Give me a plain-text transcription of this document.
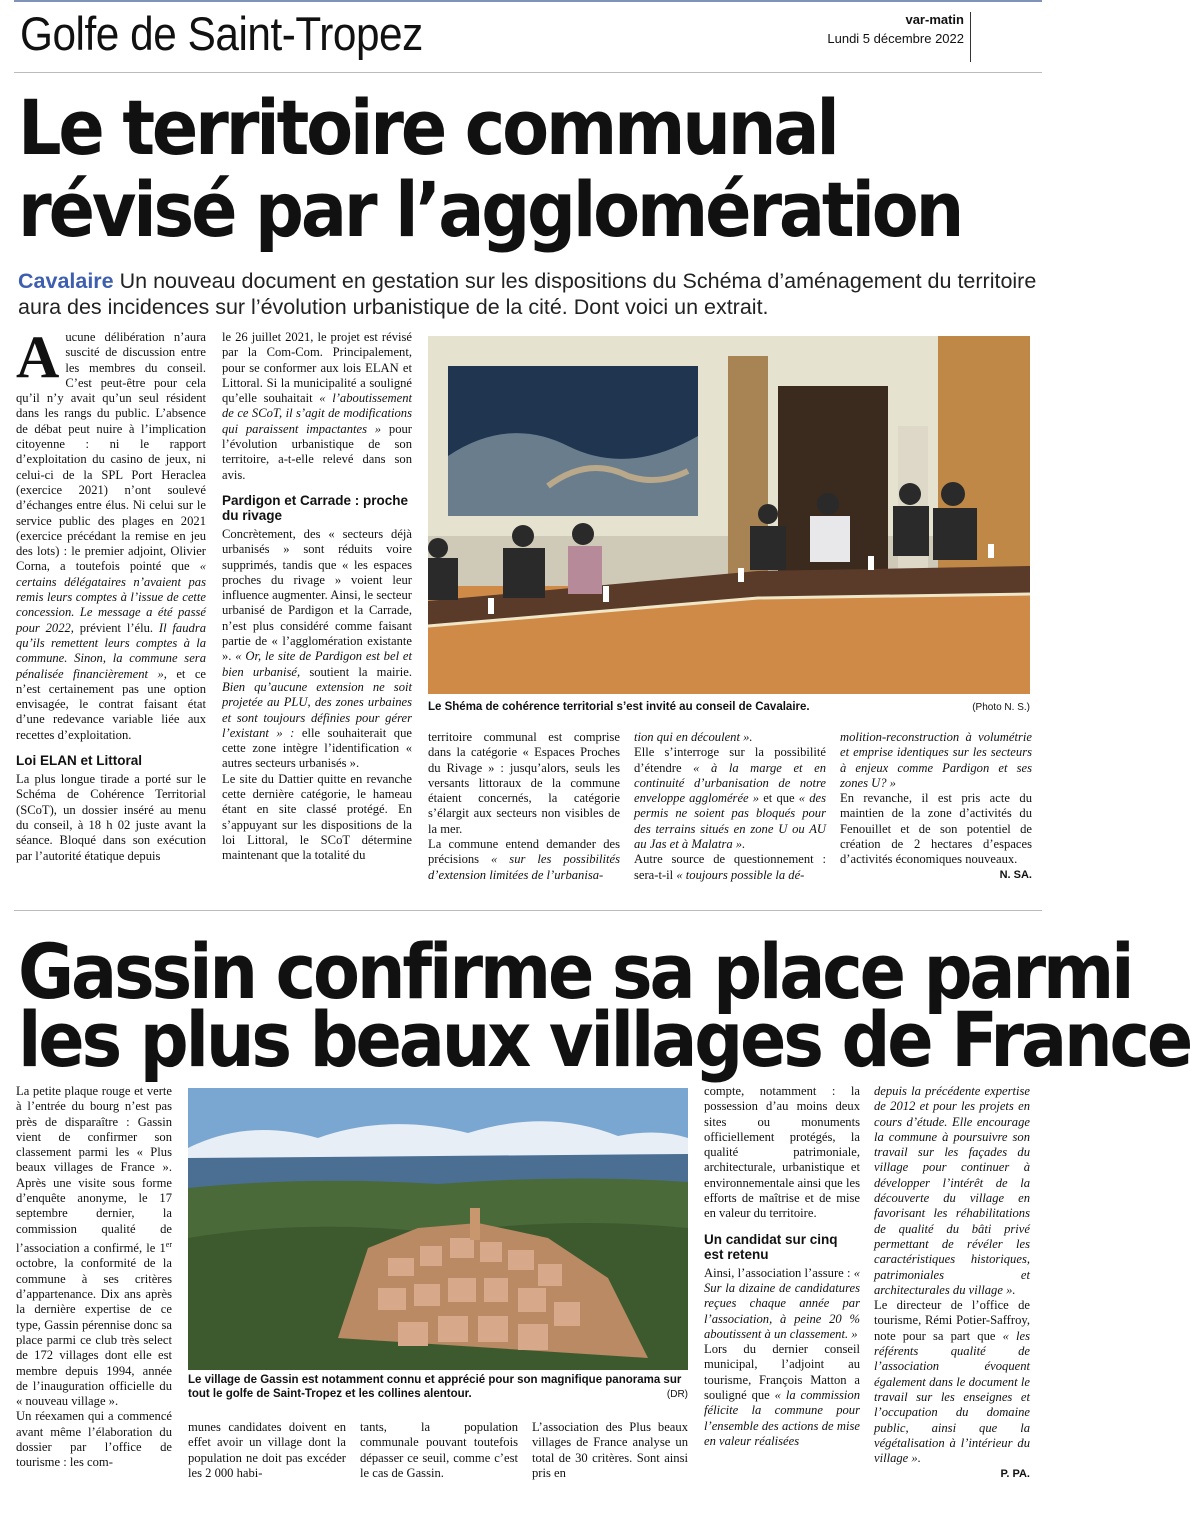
Golfe de Saint-Tropez	var-matin
Lundi 5 décembre 2022
Le territoire communal
révisé par l’agglomération
Cavalaire Un nouveau document en gestation sur les dispositions du Schéma d’aménagement du territoire aura des incidences sur l’évolution urbanistique de la cité. Dont voici un extrait.

Aucune délibération n’aura suscité de discussion entre les membres du conseil. C’est peut-être pour cela qu’il n’y avait qu’un seul résident dans les rangs du public. L’absence de débat peut nuire à l’implication citoyenne : ni le rapport d’exploitation du casino de jeux, ni celui-ci de la SPL Port Heraclea (exercice 2021) n’ont soulevé d’échanges entre élus. Ni celui sur le service public des plages en 2021 (exercice précédant la remise en jeu des lots) : le premier adjoint, Olivier Corna, a toutefois pointé que « certains délégataires n’avaient pas remis leurs comptes à l’issue de cette concession. Le message a été passé pour 2022, prévient l’élu. Il faudra qu’ils remettent leurs comptes à la commune. Sinon, la commune sera pénalisée financièrement », et ce n’est certainement pas une option envisagée, le contrat faisant état d’une redevance variable liée aux recettes d’exploitation.

Loi ELAN et Littoral

La plus longue tirade a porté sur le Schéma de Cohérence Territorial (SCoT), un dossier inséré au menu du conseil, à 18 h 02 juste avant la séance. Bloqué dans son exécution par l’autorité étatique depuis

le 26 juillet 2021, le projet est révisé par la Com-Com. Principalement, pour se conformer aux lois ELAN et Littoral. Si la municipalité a souligné qu’elle souhaitait « l’aboutissement de ce SCoT, il s’agit de modifications qui paraissent impactantes » pour l’évolution urbanistique de son territoire, a-t-elle relevé dans son avis.

Pardigon et Carrade : proche du rivage

Concrètement, des « secteurs déjà urbanisés » sont réduits voire supprimés, tandis que « les espaces proches du rivage » voient leur influence augmenter. Ainsi, le secteur urbanisé de Pardigon et la Carrade, n’est plus considéré comme faisant partie de « l’agglomération existante ». « Or, le site de Pardigon est bel et bien urbanisé, soutient la mairie. Bien qu’aucune extension ne soit projetée au PLU, des zones urbaines et sont toujours définies pour gérer l’existant » : elle souhaiterait que cette zone intègre l’identification « autres secteurs urbanisés ».

Le site du Dattier quitte en revanche cette dernière catégorie, le hameau étant en site classé protégé. En s’appuyant sur les dispositions de la loi Littoral, le SCoT détermine maintenant que la totalité du

Le Shéma de cohérence territorial s’est invité au conseil de Cavalaire.	(Photo N. S.)

territoire communal est comprise dans la catégorie « Espaces Proches du Rivage » : jusqu’alors, seuls les versants littoraux de la commune étaient concernés, la catégorie s’élargit aux secteurs non visibles de la mer.

La commune entend demander des précisions « sur les possibilités d’extension limitées de l’urbanisa-

tion qui en découlent ».

Elle s’interroge sur la possibilité d’étendre « à la marge et en continuité d’urbanisation de notre enveloppe agglomérée » et que « des permis ne soient pas bloqués pour des terrains situés en zone U ou AU au Jas et à Malatra ».

Autre source de questionnement : sera-t-il « toujours possible la dé-

molition-reconstruction à volumétrie et emprise identiques sur les secteurs à enjeux comme Pardigon et ses zones U? »

En revanche, il est pris acte du maintien de la zone d’activités du Fenouillet et de son potentiel de création de 2 hectares d’espaces d’activités économiques nouveaux.

N. SA.
Gassin confirme sa place parmi
les plus beaux villages de France

La petite plaque rouge et verte à l’entrée du bourg n’est pas près de disparaître : Gassin vient de confirmer son classement parmi les « Plus beaux villages de France ». Après une visite sous forme d’enquête anonyme, le 17 septembre dernier, la commission qualité de l’association a confirmé, le 1er octobre, la conformité de la commune à ses critères d’appartenance. Dix ans après la dernière expertise de ce type, Gassin pérennise donc sa place parmi ce club très select de 172 villages dont elle est membre depuis 1994, année de l’inauguration officielle du « nouveau village ».

Un réexamen qui a commencé avant même l’élaboration du dossier par l’office de tourisme : les com-

Le village de Gassin est notamment connu et apprécié pour son magnifique panorama sur tout le golfe de Saint-Tropez et les collines alentour.	(DR)

munes candidates doivent en effet avoir un village dont la population ne doit pas excéder les 2 000 habi-

tants, la population communale pouvant toutefois dépasser ce seuil, comme c’est le cas de Gassin.

L’association des Plus beaux villages de France analyse un total de 30 critères. Sont ainsi pris en

compte, notamment : la possession d’au moins deux sites ou monuments officiellement protégés, la qualité patrimoniale, architecturale, urbanistique et environnementale ainsi que les efforts de maîtrise et de mise en valeur du territoire.

Un candidat sur cinq est retenu

Ainsi, l’association l’assure : « Sur la dizaine de candidatures reçues chaque année par l’association, à peine 20 % aboutissent à un classement. »

Lors du dernier conseil municipal, l’adjoint au tourisme, François Matton a souligné que « la commission félicite la commune pour l’ensemble des actions de mise en valeur réalisées

depuis la précédente expertise de 2012 et pour les projets en cours d’étude. Elle encourage la commune à poursuivre son travail sur les façades du village pour continuer à développer l’intérêt de la découverte du village en favorisant les réhabilitations de qualité du bâti privé permettant de révéler les caractéristiques historiques, patrimoniales et architecturales du village ».

Le directeur de l’office de tourisme, Rémi Potier-Saffroy, note pour sa part que « les référents qualité de l’association évoquent également dans le document le travail sur les enseignes et l’occupation du domaine public, ainsi que la végétalisation à l’intérieur du village ».

P. PA.
